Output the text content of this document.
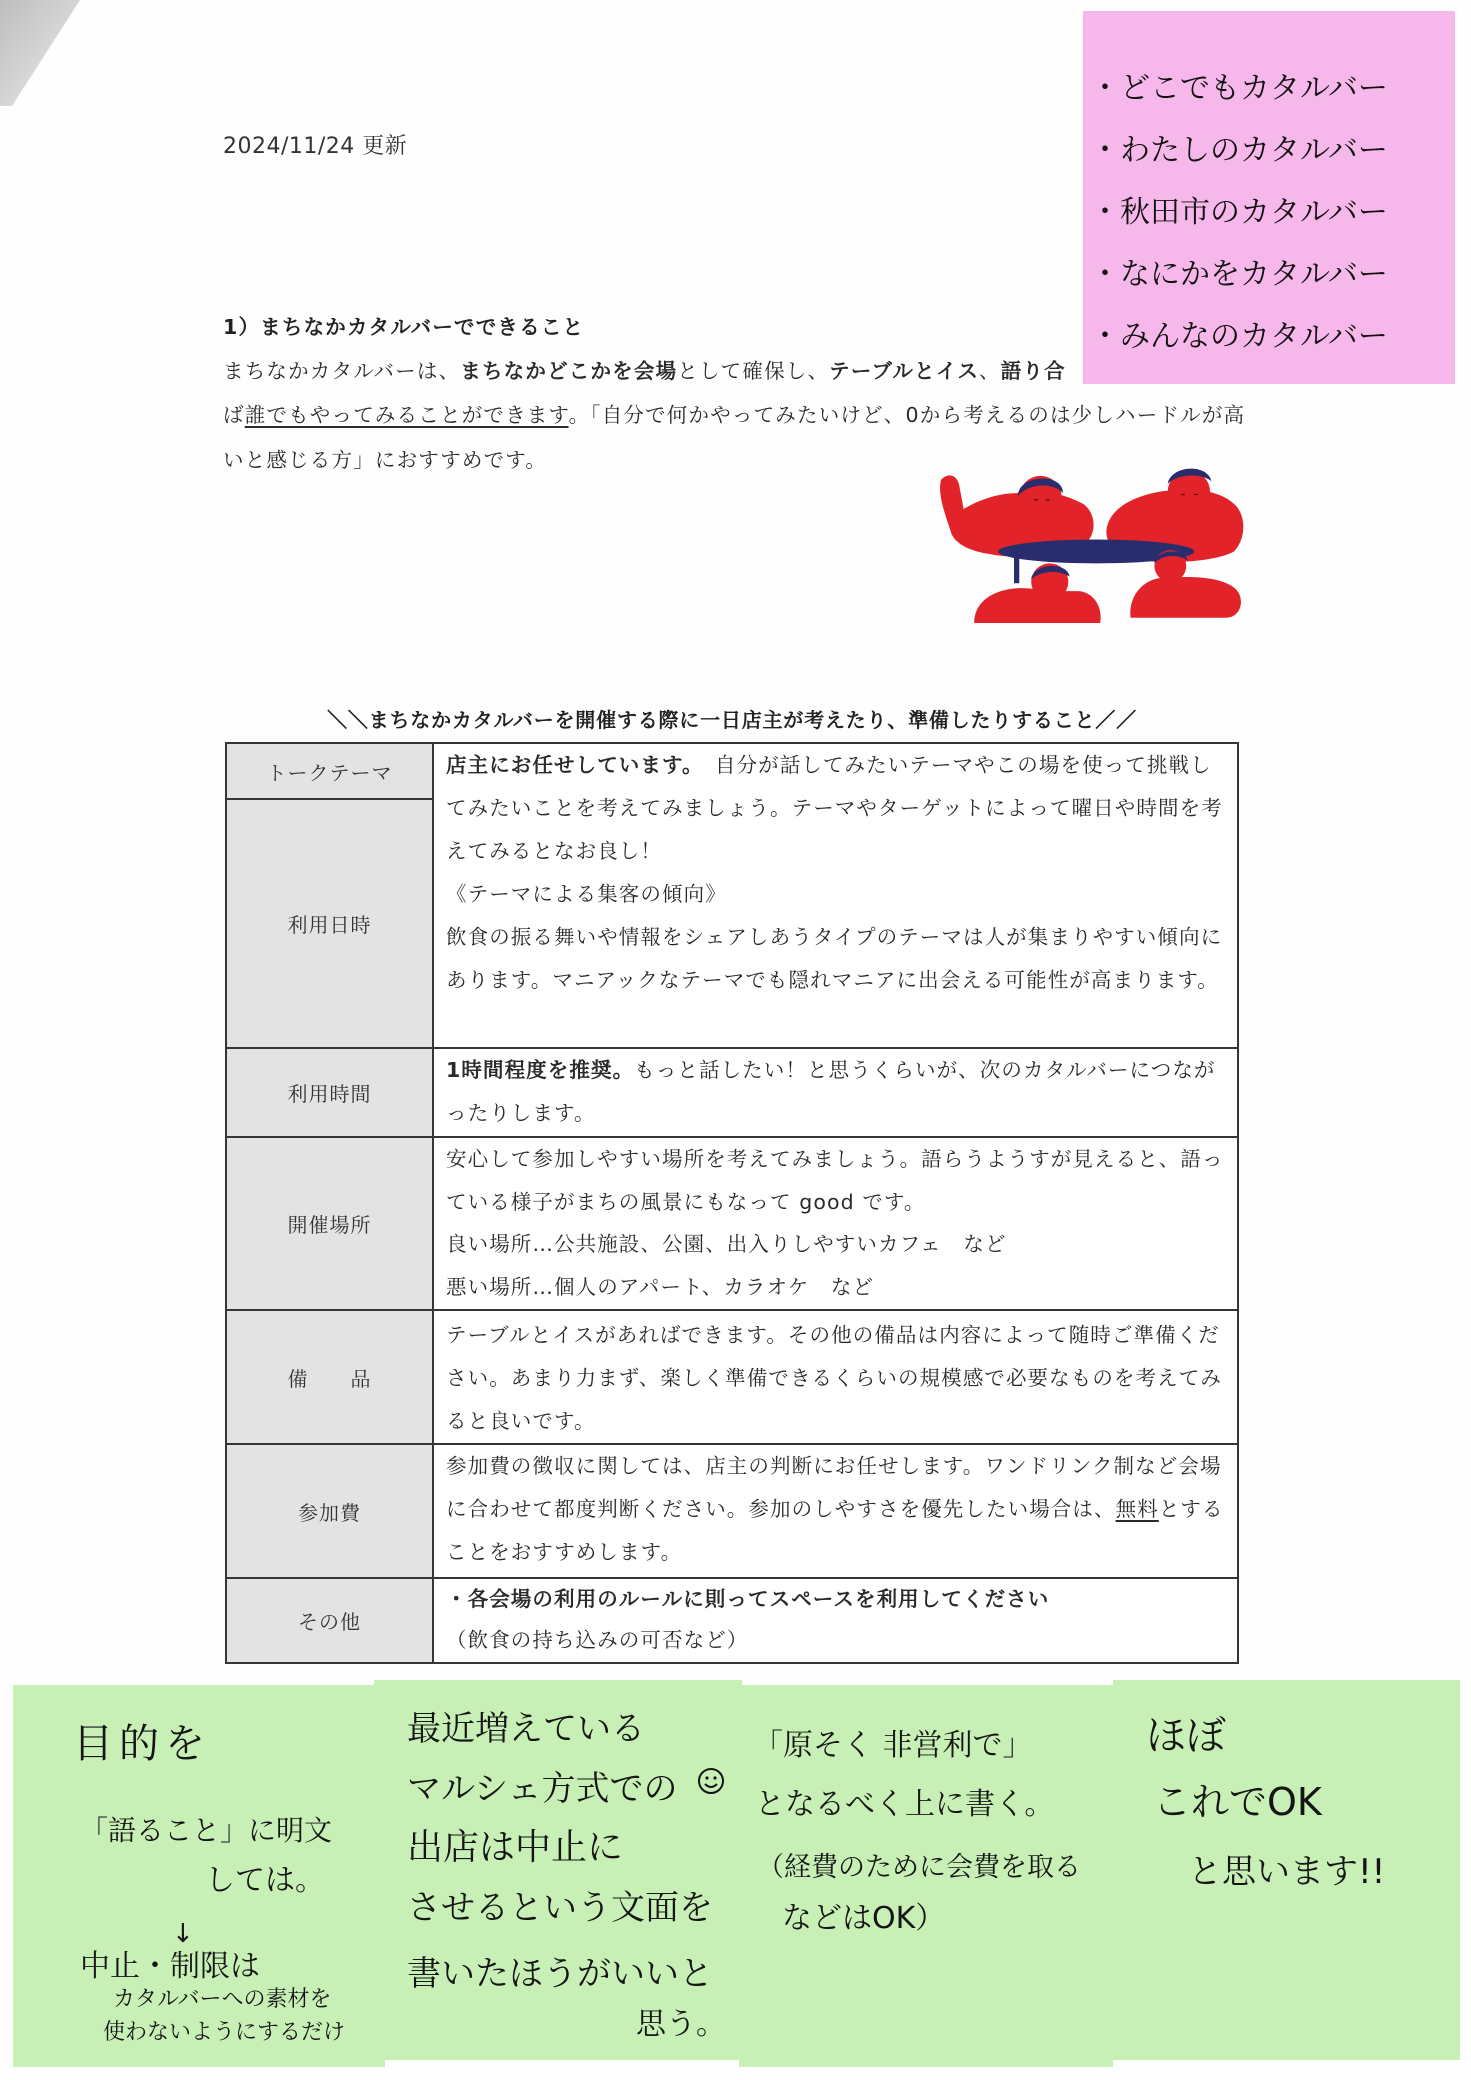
2024/11/24 更新
1）まちなかカタルバーでできること
まちなかカタルバーは、まちなかどこかを会場として確保し、テーブルとイス、語り合
ば誰でもやってみることができます。「自分で何かやってみたいけど、0から考えるのは少しハードルが高
いと感じる方」におすすめです。
＼＼まちなかカタルバーを開催する際に一日店主が考えたり、準備したりすること／／
トークテーマ
利用日時
利用時間
開催場所
備　　品
参加費
その他

店主にお任せしています。　自分が話してみたいテーマやこの場を使って挑戦してみたいことを考えてみましょう。テーマやターゲットによって曜日や時間を考えてみるとなお良し！

《テーマによる集客の傾向》

飲食の振る舞いや情報をシェアしあうタイプのテーマは人が集まりやすい傾向にあります。マニアックなテーマでも隠れマニアに出会える可能性が高まります。

1時間程度を推奨。もっと話したい！と思うくらいが、次のカタルバーにつながったりします。

安心して参加しやすい場所を考えてみましょう。語らうようすが見えると、語っている様子がまちの風景にもなって good です。

良い場所…公共施設、公園、出入りしやすいカフェ　など

悪い場所…個人のアパート、カラオケ　など

テーブルとイスがあればできます。その他の備品は内容によって随時ご準備ください。あまり力まず、楽しく準備できるくらいの規模感で必要なものを考えてみると良いです。

参加費の徴収に関しては、店主の判断にお任せします。ワンドリンク制など会場に合わせて都度判断ください。参加のしやすさを優先したい場合は、無料とすることをおすすめします。

・各会場の利用のルールに則ってスペースを利用してください

（飲食の持ち込みの可否など）

・どこでもカタルバー
・わたしのカタルバー
・秋田市のカタルバー
・なにかをカタルバー
・みんなのカタルバー
目的を
「語ること」に明文
しては。
↓
中止・制限は
カタルバーへの素材を
使わないようにするだけ
最近増えている
マルシェ方式での
出店は中止に
させるという文面を
書いたほうがいいと
思う。
「原そく 非営利で」
となるべく上に書く。
（経費のために会費を取る
などはOK）
ほぼ
これでOK
と思います!!
